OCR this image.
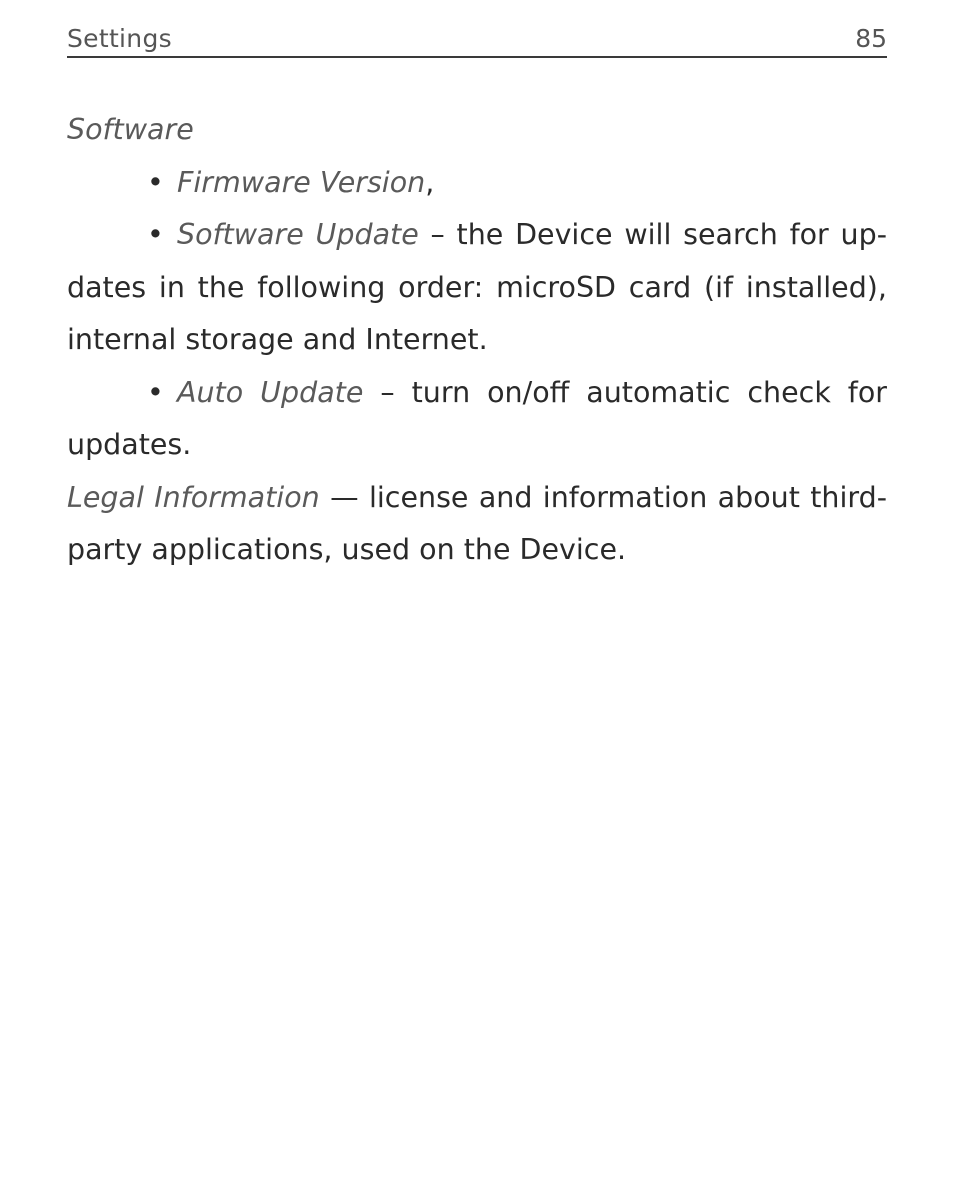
Settings	85

Software

• Firmware Version,

• Software Update – the Device will search for updates in the following order: microSD card (if installed), internal storage and Internet.

• Auto Update – turn on/off automatic check for updates.

Legal Information — license and information about third-party applications, used on the Device.
